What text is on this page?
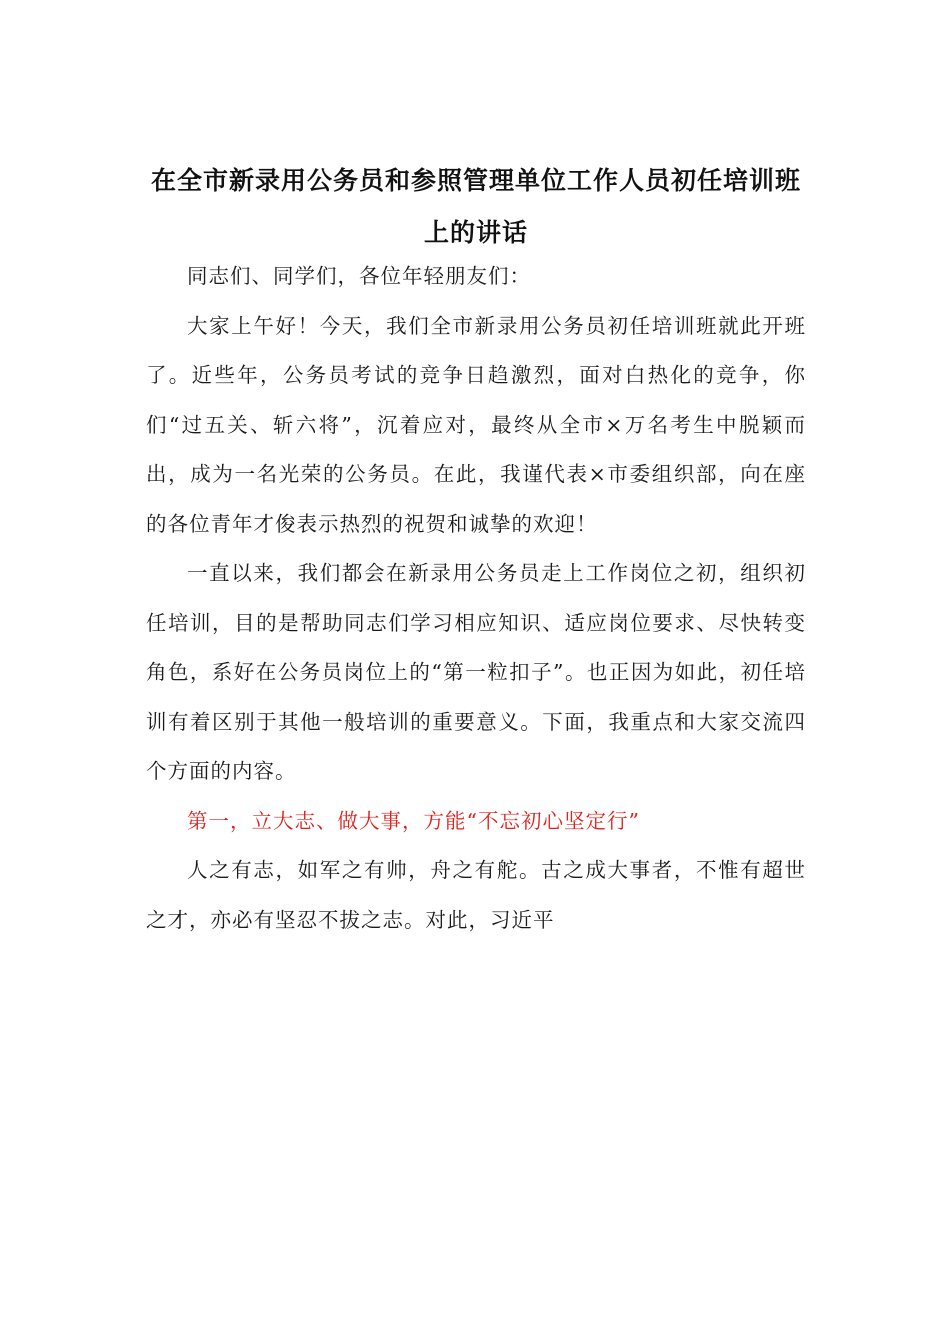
在全市新录用公务员和参照管理单位工作人员初任培训班
上的讲话

同志们、同学们，各位年轻朋友们：

大家上午好！今天，我们全市新录用公务员初任培训班就此开班了。近些年，公务员考试的竞争日趋激烈，面对白热化的竞争，你们“过五关、斩六将”，沉着应对，最终从全市×万名考生中脱颖而出，成为一名光荣的公务员。在此，我谨代表×市委组织部，向在座的各位青年才俊表示热烈的祝贺和诚挚的欢迎！

一直以来，我们都会在新录用公务员走上工作岗位之初，组织初任培训，目的是帮助同志们学习相应知识、适应岗位要求、尽快转变角色，系好在公务员岗位上的“第一粒扣子”。也正因为如此，初任培训有着区别于其他一般培训的重要意义。下面，我重点和大家交流四个方面的内容。

第一，立大志、做大事，方能“不忘初心坚定行”

人之有志，如军之有帅，舟之有舵。古之成大事者，不惟有超世之才，亦必有坚忍不拔之志。对此，习近平
